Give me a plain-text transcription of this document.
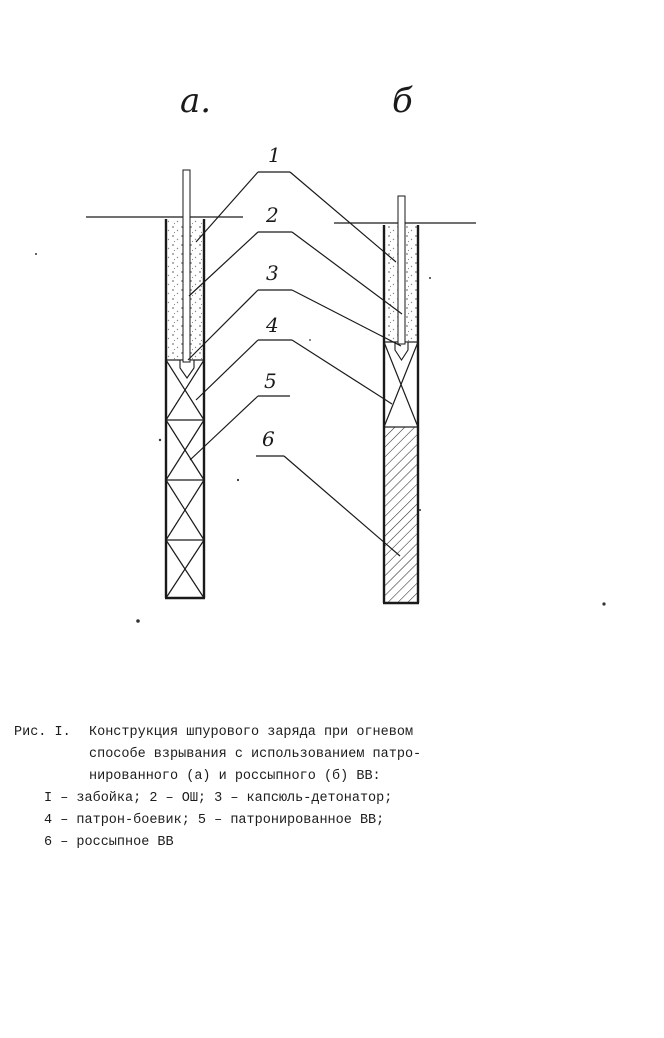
а.	б
1
2
3
4
5
6
Рис. I. Конструкция шпурового заряда при огневом
способе взрывания с использованием патро-
нированного (а) и россыпного (б) ВВ:
I – забойка; 2 – ОШ; 3 – капсюль-детонатор;
4 – патрон-боевик; 5 – патронированное ВВ;
6 – россыпное ВВ
